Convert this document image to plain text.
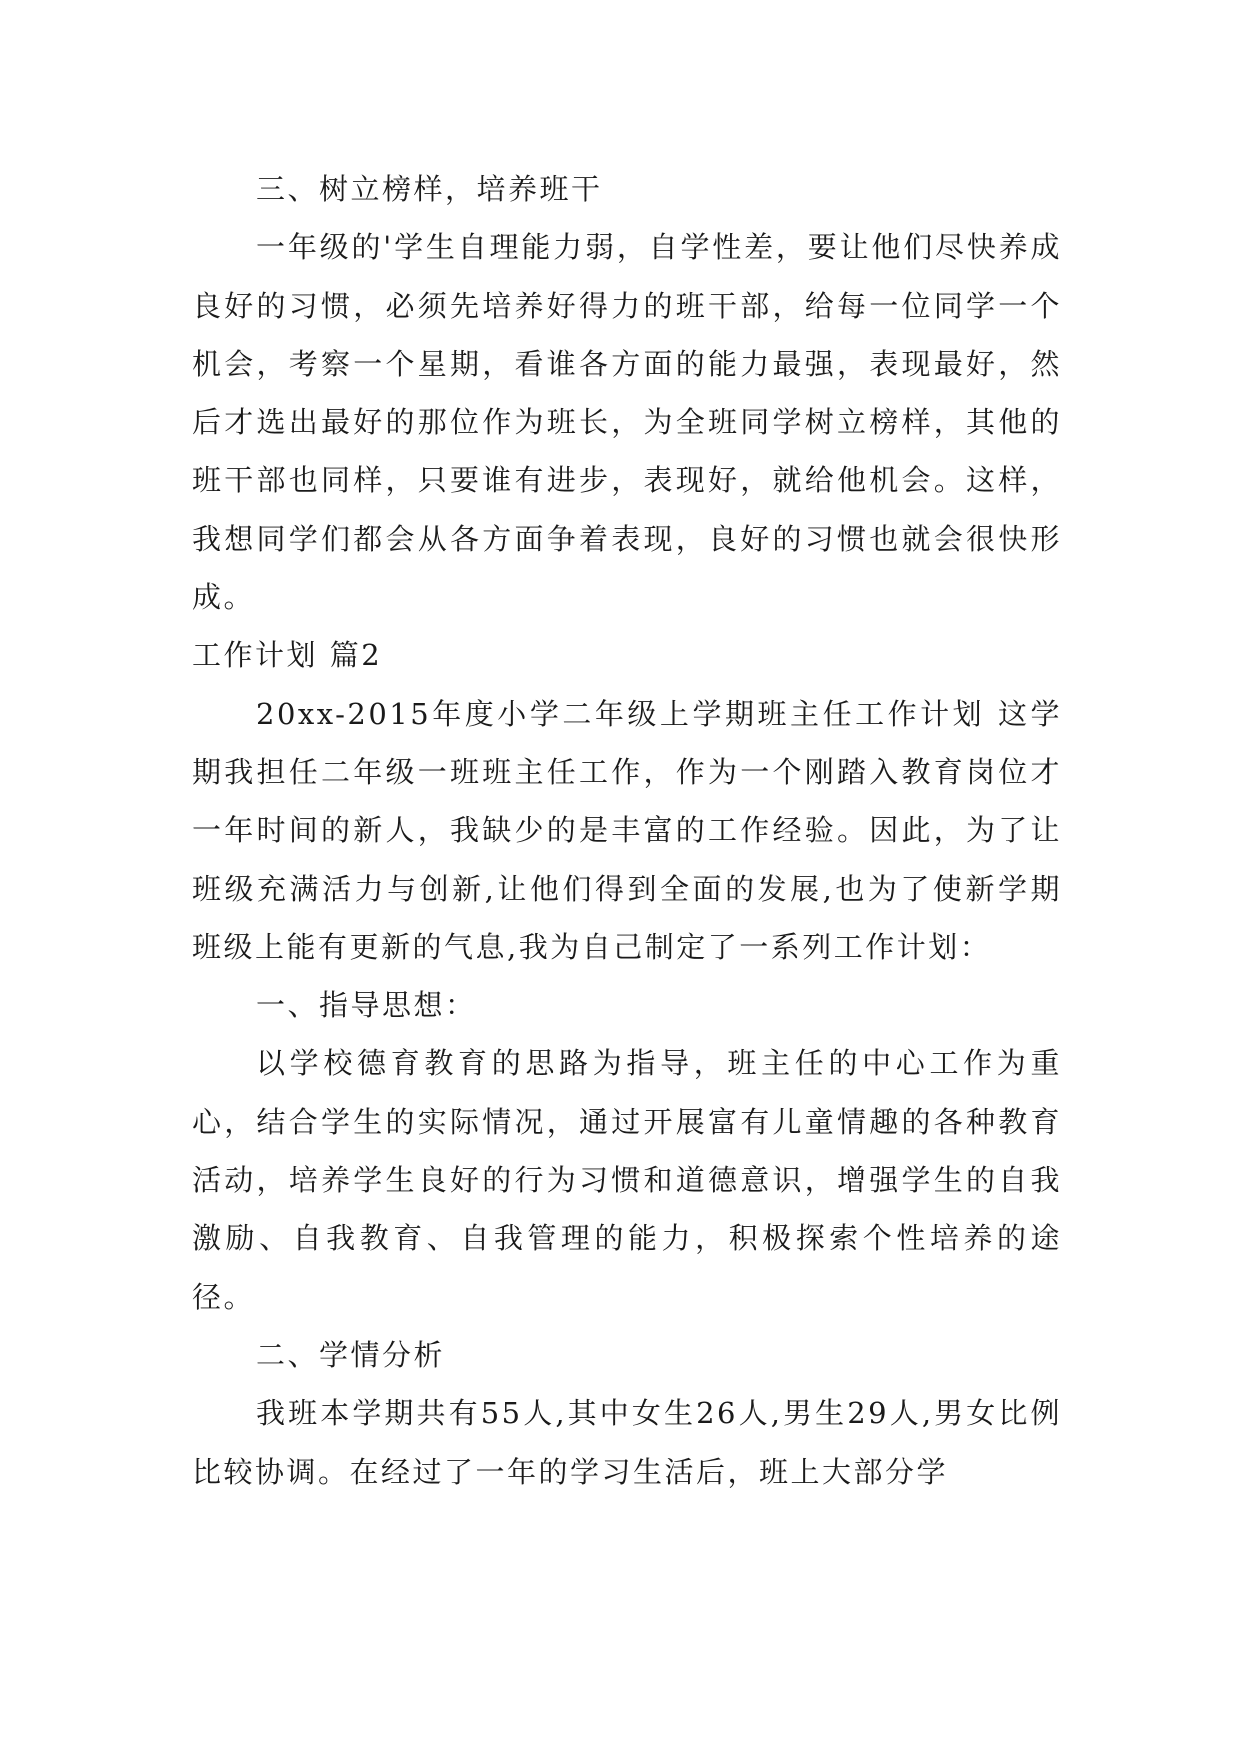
三、树立榜样，培养班干

一年级的'学生自理能力弱，自学性差，要让他们尽快养成良好的习惯，必须先培养好得力的班干部，给每一位同学一个机会，考察一个星期，看谁各方面的能力最强，表现最好，然后才选出最好的那位作为班长，为全班同学树立榜样，其他的班干部也同样，只要谁有进步，表现好，就给他机会。这样，我想同学们都会从各方面争着表现，良好的习惯也就会很快形成。

工作计划 篇2

20xx-2015年度小学二年级上学期班主任工作计划 这学期我担任二年级一班班主任工作，作为一个刚踏入教育岗位才一年时间的新人，我缺少的是丰富的工作经验。因此，为了让班级充满活力与创新,让他们得到全面的发展,也为了使新学期班级上能有更新的气息,我为自己制定了一系列工作计划：

一、指导思想：

以学校德育教育的思路为指导，班主任的中心工作为重心，结合学生的实际情况，通过开展富有儿童情趣的各种教育活动，培养学生良好的行为习惯和道德意识，增强学生的自我激励、自我教育、自我管理的能力，积极探索个性培养的途径。

二、学情分析

我班本学期共有55人,其中女生26人,男生29人,男女比例比较协调。在经过了一年的学习生活后，班上大部分学
